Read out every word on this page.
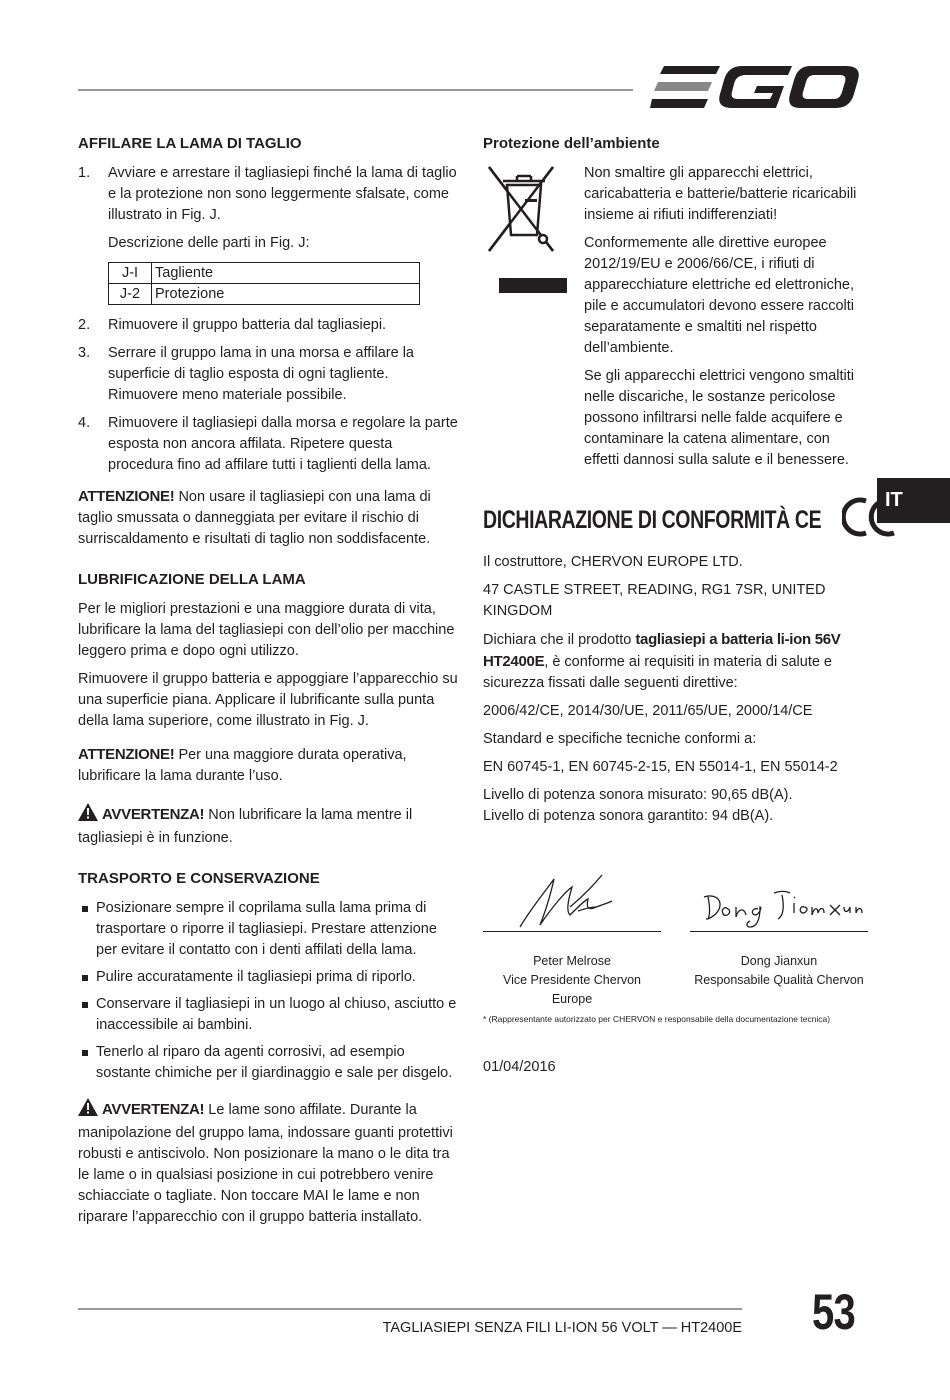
AFFILARE LA LAMA DI TAGLIO
1.	Avviare e arrestare il tagliasiepi finché la lama di taglio e la protezione non sono leggermente sfalsate, come illustrato in Fig. J.
Descrizione delle parti in Fig. J:
J-I	Tagliente
J-2	Protezione
2.	Rimuovere il gruppo batteria dal tagliasiepi.
3.	Serrare il gruppo lama in una morsa e affilare la superficie di taglio esposta di ogni tagliente. Rimuovere meno materiale possibile.
4.	Rimuovere il tagliasiepi dalla morsa e regolare la parte esposta non ancora affilata. Ripetere questa procedura fino ad affilare tutti i taglienti della lama.

ATTENZIONE! Non usare il tagliasiepi con una lama di taglio smussata o danneggiata per evitare il rischio di surriscaldamento e risultati di taglio non soddisfacente.

LUBRIFICAZIONE DELLA LAMA

Per le migliori prestazioni e una maggiore durata di vita, lubrificare la lama del tagliasiepi con dell’olio per macchine leggero prima e dopo ogni utilizzo.

Rimuovere il gruppo batteria e appoggiare l’apparecchio su una superficie piana. Applicare il lubrificante sulla punta della lama superiore, come illustrato in Fig. J.

ATTENZIONE! Per una maggiore durata operativa, lubrificare la lama durante l’uso.

AVVERTENZA! Non lubrificare la lama mentre il tagliasiepi è in funzione.

TRASPORTO E CONSERVAZIONE
Posizionare sempre il coprilama sulla lama prima di trasportare o riporre il tagliasiepi. Prestare attenzione per evitare il contatto con i denti affilati della lama.
Pulire accuratamente il tagliasiepi prima di riporlo.
Conservare il tagliasiepi in un luogo al chiuso, asciutto e inaccessibile ai bambini.
Tenerlo al riparo da agenti corrosivi, ad esempio sostante chimiche per il giardinaggio e sale per disgelo.

AVVERTENZA! Le lame sono affilate. Durante la manipolazione del gruppo lama, indossare guanti protettivi robusti e antiscivolo. Non posizionare la mano o le dita tra le lame o in qualsiasi posizione in cui potrebbero venire schiacciate o tagliate. Non toccare MAI le lame e non riparare l’apparecchio con il gruppo batteria installato.

Protezione dell’ambiente

Non smaltire gli apparecchi elettrici, caricabatteria e batterie/batterie ricaricabili insieme ai rifiuti indifferenziati!

Conformemente alle direttive europee 2012/19/EU e 2006/66/CE, i rifiuti di apparecchiature elettriche ed elettroniche, pile e accumulatori devono essere raccolti separatamente e smaltiti nel rispetto dell’ambiente.

Se gli apparecchi elettrici vengono smaltiti nelle discariche, le sostanze pericolose possono infiltrarsi nelle falde acquifere e contaminare la catena alimentare, con effetti dannosi sulla salute e il benessere.

DICHIARAZIONE DI CONFORMITÀ CE

Il costruttore, CHERVON EUROPE LTD.

47 CASTLE STREET, READING, RG1 7SR, UNITED KINGDOM

Dichiara che il prodotto tagliasiepi a batteria li-ion 56V HT2400E, è conforme ai requisiti in materia di salute e sicurezza fissati dalle seguenti direttive:

2006/42/CE, 2014/30/UE, 2011/65/UE, 2000/14/CE

Standard e specifiche tecniche conformi a:

EN 60745-1, EN 60745-2-15, EN 55014-1, EN 55014-2

Livello di potenza sonora misurato: 90,65 dB(A).
Livello di potenza sonora garantito: 94 dB(A).
Peter Melrose
Vice Presidente Chervon Europe
Dong Jianxun
Responsabile Qualità Chervon
* (Rappresentante autorizzato per CHERVON e responsabile della documentazione tecnica)
01/04/2016
IT
TAGLIASIEPI SENZA FILI LI-ION 56 VOLT — HT2400E 53
